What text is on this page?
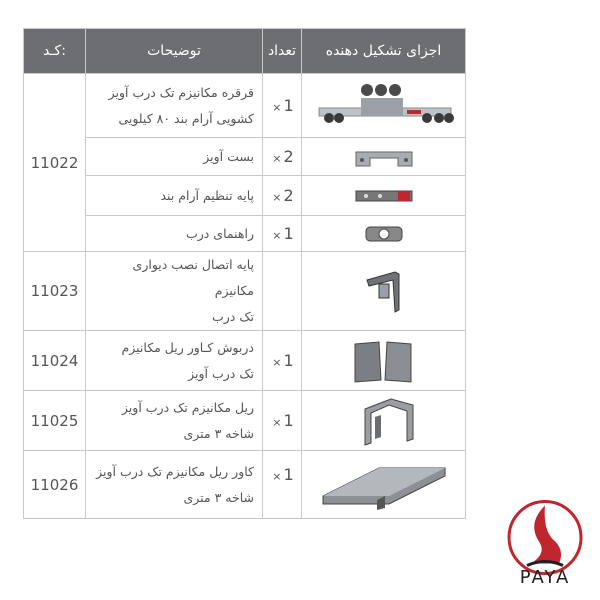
کـد:	توضیحات	تعداد	اجزای تشکیل دهنده
11022	قرقره مکانیزم تک درب آویز
کشویی آرام بند ۸۰ کیلویی	× 1	

	بست آویز	× 2	

	پایه تنظیم آرام بند	× 2	

	راهنمای درب	× 1	

11023	پایه اتصال نصب دیواری مکانیزم
تک درب

11024	دربوش کـاور ریل مکانیزم
تک درب آویز	× 1	

11025	ریل مکانیزم تک درب آویز
شاخه ۳ متری	× 1	

11026	کاور ریل مکانیزم تک درب آویز
شاخه ۳ متری	× 1	
PAYA
